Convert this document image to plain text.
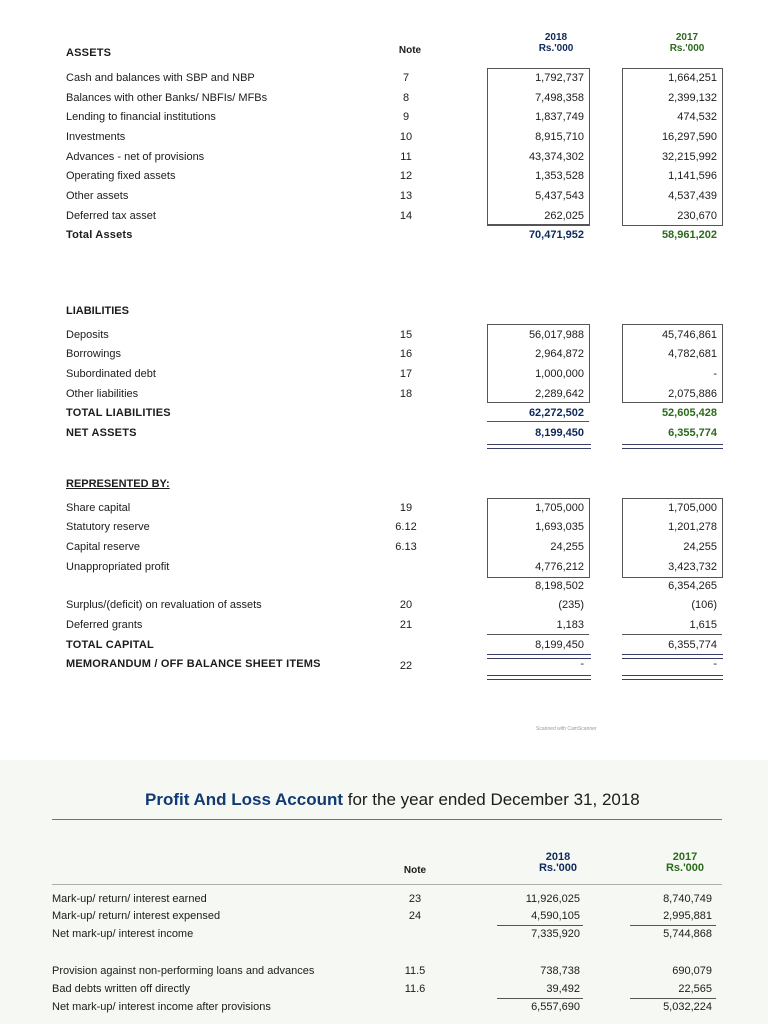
ASSETS	Note
2018
Rs.'000
2017
Rs.'000
Cash and balances with SBP and NBP	7	1,792,737	1,664,251
Balances with other Banks/ NBFIs/ MFBs	8	7,498,358	2,399,132
Lending to financial institutions	9	1,837,749	474,532
Investments	10	8,915,710	16,297,590
Advances - net of provisions	11	43,374,302	32,215,992
Operating fixed assets	12	1,353,528	1,141,596
Other assets	13	5,437,543	4,537,439
Deferred tax asset	14	262,025	230,670
Total Assets	70,471,952	58,961,202
LIABILITIES
Deposits	15	56,017,988	45,746,861
Borrowings	16	2,964,872	4,782,681
Subordinated debt	17	1,000,000	-
Other liabilities	18	2,289,642	2,075,886
TOTAL LIABILITIES	62,272,502	52,605,428
NET ASSETS	8,199,450	6,355,774
REPRESENTED BY:
Share capital	19	1,705,000	1,705,000
Statutory reserve	6.12	1,693,035	1,201,278
Capital reserve	6.13	24,255	24,255
Unappropriated profit	4,776,212	3,423,732
8,198,502	6,354,265
Surplus/(deficit) on revaluation of assets	20	(235)	(106)
Deferred grants	21	1,183	1,615
TOTAL CAPITAL	8,199,450	6,355,774
MEMORANDUM / OFF BALANCE SHEET ITEMS	22	-	-
Scanned with CamScanner
Profit And Loss Account for the year ended December 31, 2018
Note
2018
Rs.'000
2017
Rs.'000
Mark-up/ return/ interest earned	23	11,926,025	8,740,749
Mark-up/ return/ interest expensed	24	4,590,105	2,995,881
Net mark-up/ interest income	7,335,920	5,744,868
Provision against non-performing loans and advances	11.5	738,738	690,079
Bad debts written off directly	11.6	39,492	22,565
Net mark-up/ interest income after provisions	6,557,690	5,032,224
